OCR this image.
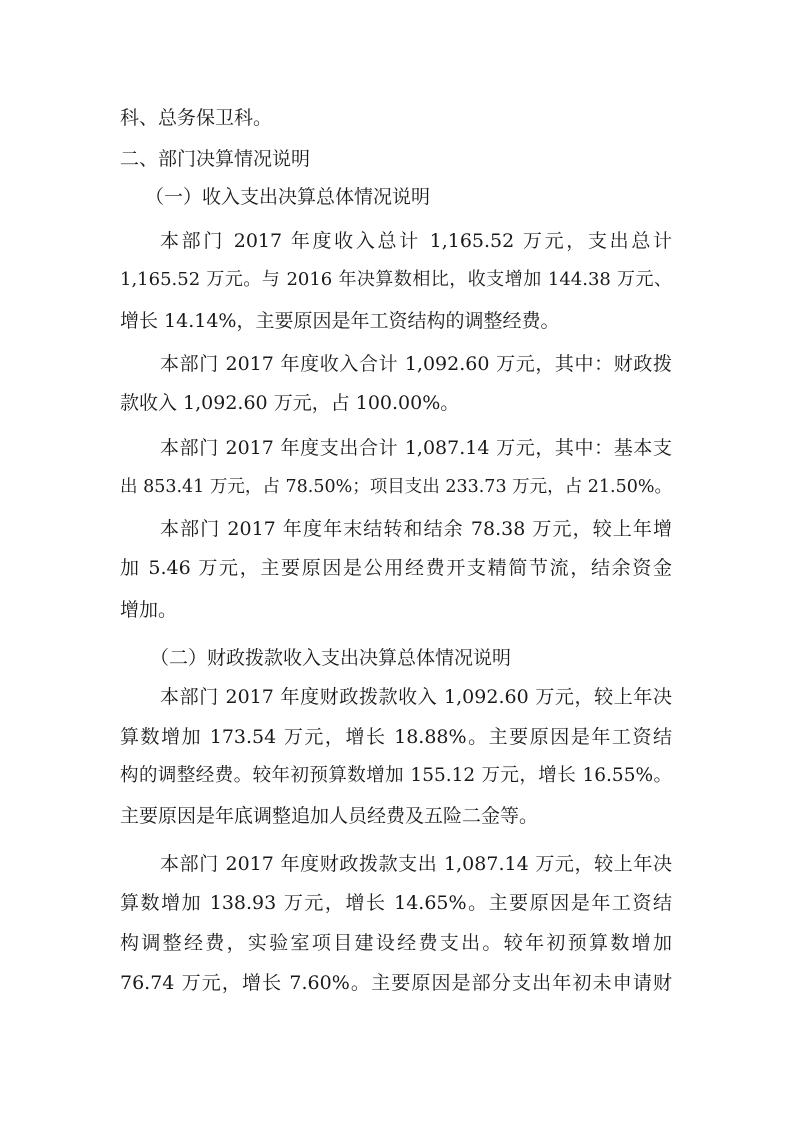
科、总务保卫科。
二、部门决算情况说明
（一）收入支出决算总体情况说明
本部门 2017 年度收入总计 1,165.52 万元，支出总计
1,165.52 万元。与 2016 年决算数相比，收支增加 144.38 万元、
增长 14.14%，主要原因是年工资结构的调整经费。
本部门 2017 年度收入合计 1,092.60 万元，其中：财政拨
款收入 1,092.60 万元，占 100.00%。
本部门 2017 年度支出合计 1,087.14 万元，其中：基本支
出 853.41 万元，占 78.50%；项目支出 233.73 万元，占 21.50%。
本部门 2017 年度年末结转和结余 78.38 万元，较上年增
加 5.46 万元，主要原因是公用经费开支精简节流，结余资金
增加。
（二）财政拨款收入支出决算总体情况说明
本部门 2017 年度财政拨款收入 1,092.60 万元，较上年决
算数增加 173.54 万元，增长 18.88%。主要原因是年工资结
构的调整经费。较年初预算数增加 155.12 万元，增长 16.55%。
主要原因是年底调整追加人员经费及五险二金等。
本部门 2017 年度财政拨款支出 1,087.14 万元，较上年决
算数增加 138.93 万元，增长 14.65%。主要原因是年工资结
构调整经费，实验室项目建设经费支出。较年初预算数增加
76.74 万元，增长 7.60%。主要原因是部分支出年初未申请财
